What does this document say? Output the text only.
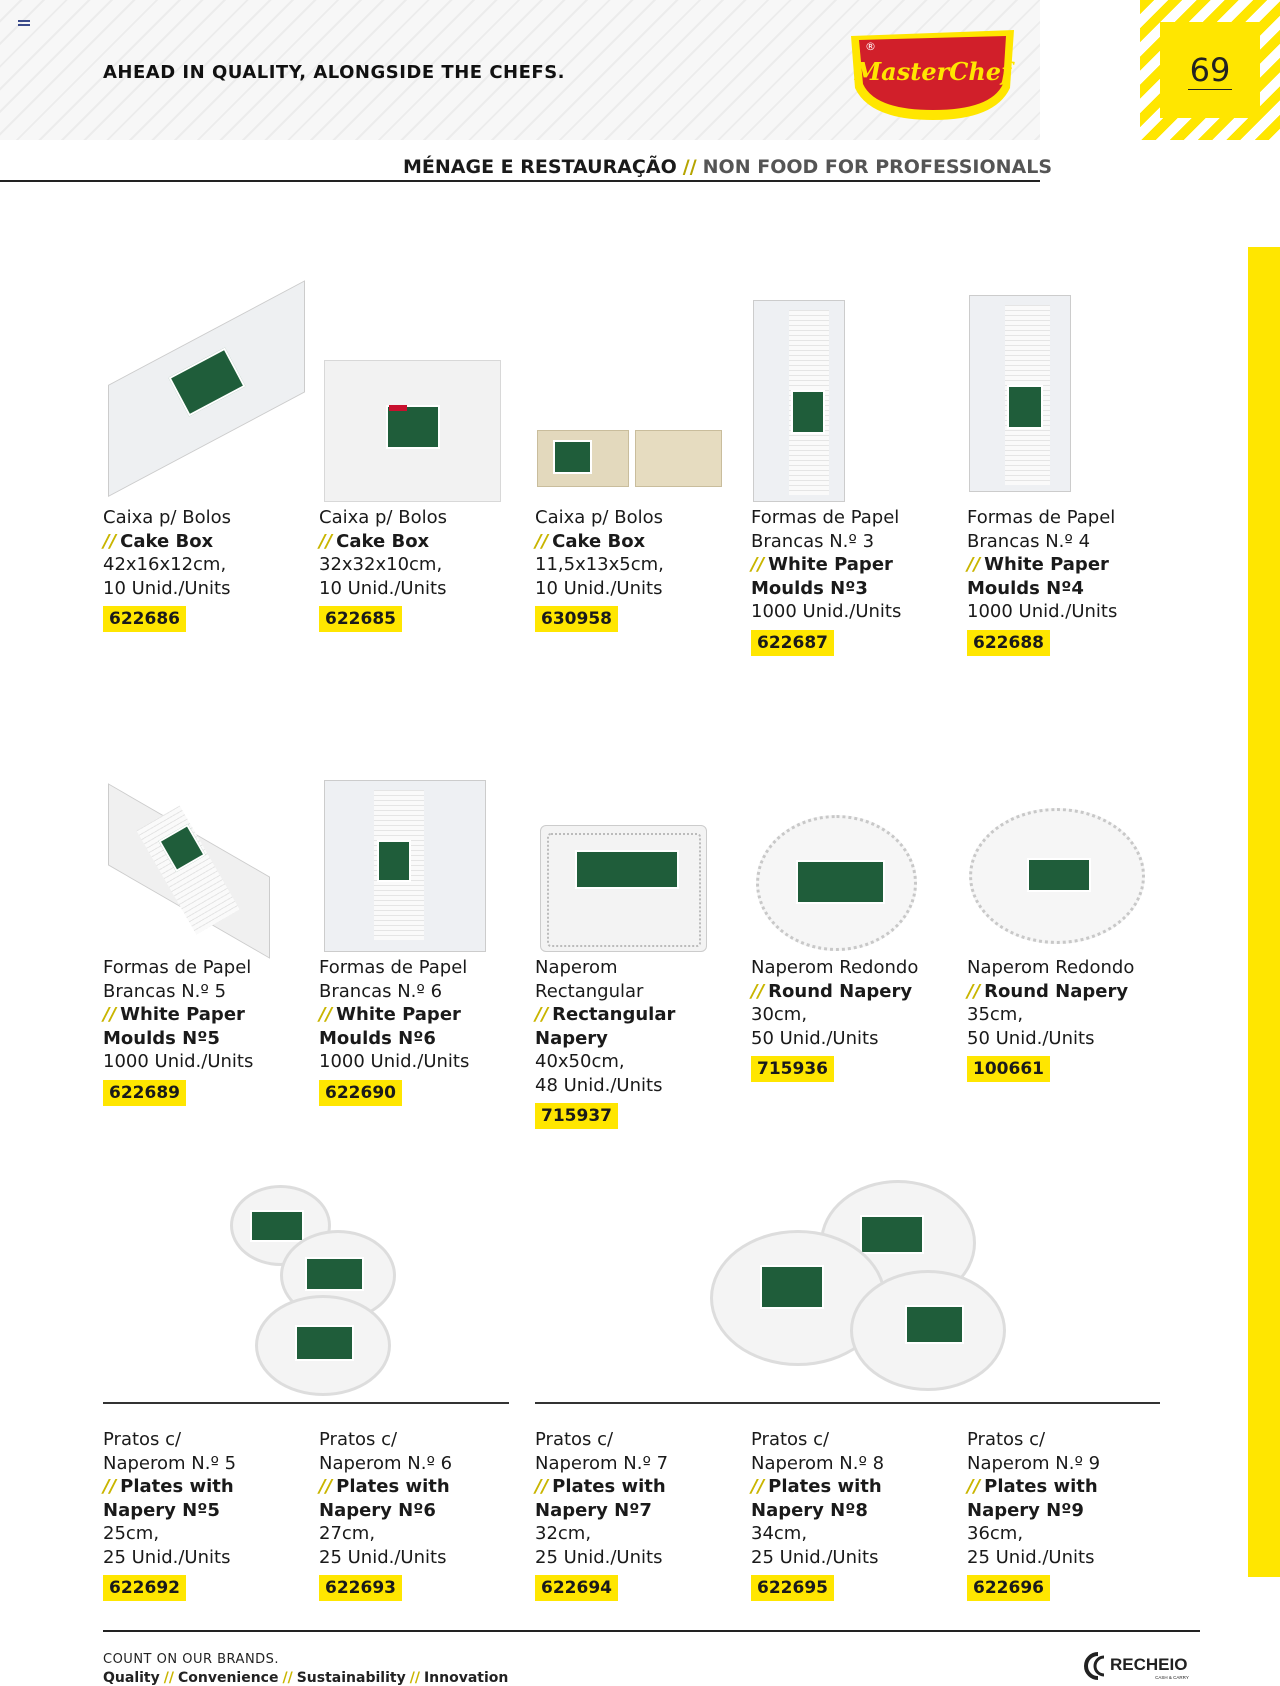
AHEAD IN QUALITY, ALONGSIDE THE CHEFS.
®
MasterChef	69
MÉNAGE E RESTAURAÇÃO // NON FOOD FOR PROFESSIONALS
Caixa p/ Bolos
// Cake Box
42x16x12cm,
10 Unid./Units
622686
Caixa p/ Bolos
// Cake Box
32x32x10cm,
10 Unid./Units
622685
Caixa p/ Bolos
// Cake Box
11,5x13x5cm,
10 Unid./Units
630958
Formas de Papel
Brancas N.º 3
// White Paper
Moulds Nº3
1000 Unid./Units
622687
Formas de Papel
Brancas N.º 4
// White Paper
Moulds Nº4
1000 Unid./Units
622688
Formas de Papel
Brancas N.º 5
// White Paper
Moulds Nº5
1000 Unid./Units
622689
Formas de Papel
Brancas N.º 6
// White Paper
Moulds Nº6
1000 Unid./Units
622690
Naperom
Rectangular
// Rectangular
Napery
40x50cm,
48 Unid./Units
715937
Naperom Redondo
// Round Napery
30cm,
50 Unid./Units
715936
Naperom Redondo
// Round Napery
35cm,
50 Unid./Units
100661
Pratos c/
Naperom N.º 5
// Plates with
Napery Nº5
25cm,
25 Unid./Units
622692
Pratos c/
Naperom N.º 6
// Plates with
Napery Nº6
27cm,
25 Unid./Units
622693
Pratos c/
Naperom N.º 7
// Plates with
Napery Nº7
32cm,
25 Unid./Units
622694
Pratos c/
Naperom N.º 8
// Plates with
Napery Nº8
34cm,
25 Unid./Units
622695
Pratos c/
Naperom N.º 9
// Plates with
Napery Nº9
36cm,
25 Unid./Units
622696
COUNT ON OUR BRANDS.
Quality // Convenience // Sustainability // Innovation
RECHEIO
CASH & CARRY
